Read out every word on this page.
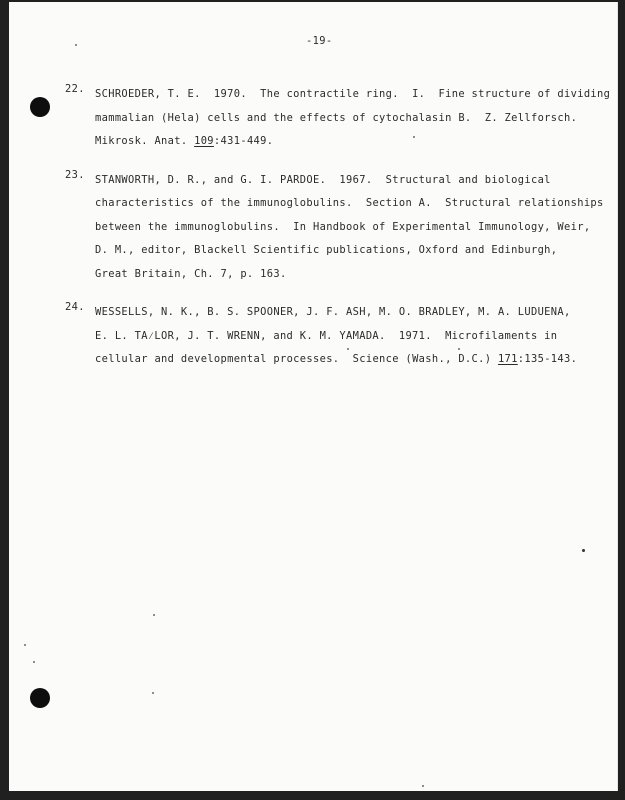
-19-

22. SCHROEDER, T. E.  1970.  The contractile ring.  I.  Fine structure of dividing
mammalian (Hela) cells and the effects of cytochalasin B.  Z. Zellforsch.
Mikrosk. Anat. 109:431-449.
23. STANWORTH, D. R., and G. I. PARDOE.  1967.  Structural and biological
characteristics of the immunoglobulins.  Section A.  Structural relationships
between the immunoglobulins.  In Handbook of Experimental Immunology, Weir,
D. M., editor, Blackell Scientific publications, Oxford and Edinburgh,
Great Britain, Ch. 7, p. 163.
24. WESSELLS, N. K., B. S. SPOONER, J. F. ASH, M. O. BRADLEY, M. A. LUDUENA,
E. L. TA⁄LOR, J. T. WRENN, and K. M. YAMADA.  1971.  Microfilaments in
cellular and developmental processes.  Science (Wash., D.C.) 171:135-143.
